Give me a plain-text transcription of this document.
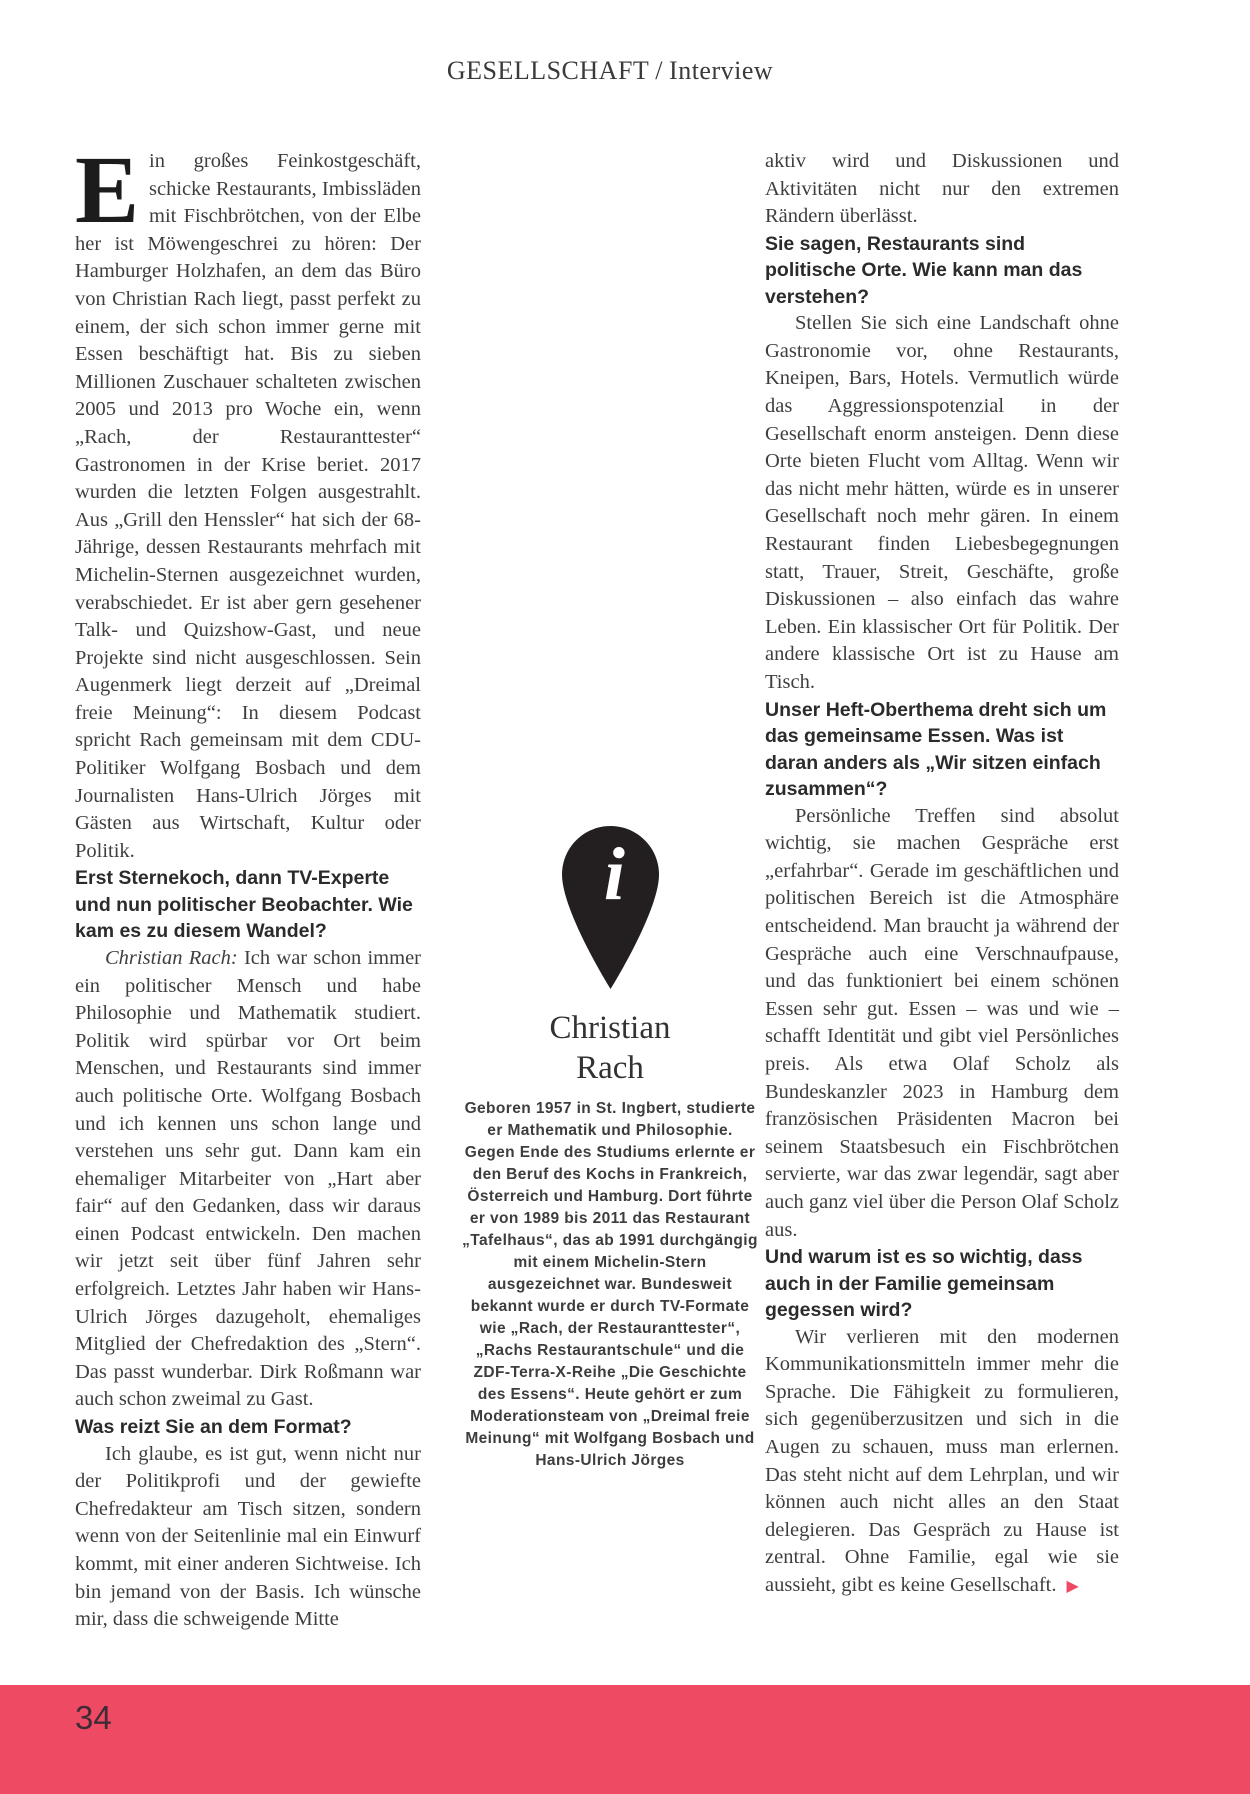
GESELLSCHAFT / Interview

Ein großes Feinkostgeschäft, schicke Restaurants, Imbissläden mit Fischbrötchen, von der Elbe her ist Möwengeschrei zu hören: Der Hamburger Holzhafen, an dem das Büro von Christian Rach liegt, passt perfekt zu einem, der sich schon immer gerne mit Essen beschäftigt hat. Bis zu sieben Millionen Zuschauer schalteten zwischen 2005 und 2013 pro Woche ein, wenn „Rach, der Restauranttester“ Gastronomen in der Krise beriet. 2017 wurden die letzten Folgen ausgestrahlt. Aus „Grill den Henssler“ hat sich der 68-Jährige, dessen Restaurants mehrfach mit Michelin-Sternen ausgezeichnet wurden, verabschiedet. Er ist aber gern gesehener Talk- und Quizshow-Gast, und neue Projekte sind nicht ausgeschlossen. Sein Augenmerk liegt derzeit auf „Dreimal freie Meinung“: In diesem Podcast spricht Rach gemeinsam mit dem CDU-Politiker Wolfgang Bosbach und dem Journalisten Hans-Ulrich Jörges mit Gästen aus Wirtschaft, Kultur oder Politik.

Erst Sternekoch, dann TV-Experte und nun politischer Beobachter. Wie kam es zu diesem Wandel?

Christian Rach: Ich war schon immer ein politischer Mensch und habe Philosophie und Mathematik studiert. Politik wird spürbar vor Ort beim Menschen, und Restaurants sind immer auch politische Orte. Wolfgang Bosbach und ich kennen uns schon lange und verstehen uns sehr gut. Dann kam ein ehemaliger Mitarbeiter von „Hart aber fair“ auf den Gedanken, dass wir daraus einen Podcast entwickeln. Den machen wir jetzt seit über fünf Jahren sehr erfolgreich. Letztes Jahr haben wir Hans-Ulrich Jörges dazugeholt, ehemaliges Mitglied der Chefredaktion des „Stern“. Das passt wunderbar. Dirk Roßmann war auch schon zweimal zu Gast.

Was reizt Sie an dem Format?

Ich glaube, es ist gut, wenn nicht nur der Politikprofi und der gewiefte Chefredakteur am Tisch sitzen, sondern wenn von der Seitenlinie mal ein Einwurf kommt, mit einer anderen Sichtweise. Ich bin jemand von der Basis. Ich wünsche mir, dass die schweigende Mitte

i

Christian
Rach

Geboren 1957 in St. Ingbert, studierte er Mathematik und Philosophie. Gegen Ende des Studiums erlernte er den Beruf des Kochs in Frankreich, Österreich und Hamburg. Dort führte er von 1989 bis 2011 das Restaurant „Tafelhaus“, das ab 1991 durchgängig mit einem Michelin-Stern ausgezeichnet war. Bundesweit bekannt wurde er durch TV-Formate wie „Rach, der Restauranttester“, „Rachs Restaurantschule“ und die ZDF-Terra-X-Reihe „Die Geschichte des Essens“. Heute gehört er zum Moderationsteam von „Dreimal freie Meinung“ mit Wolfgang Bosbach und Hans-Ulrich Jörges

aktiv wird und Diskussionen und Aktivitäten nicht nur den extremen Rändern überlässt.

Sie sagen, Restaurants sind politische Orte. Wie kann man das verstehen?

Stellen Sie sich eine Landschaft ohne Gastronomie vor, ohne Restaurants, Kneipen, Bars, Hotels. Vermutlich würde das Aggressionspotenzial in der Gesellschaft enorm ansteigen. Denn diese Orte bieten Flucht vom Alltag. Wenn wir das nicht mehr hätten, würde es in unserer Gesellschaft noch mehr gären. In einem Restaurant finden Liebesbegegnungen statt, Trauer, Streit, Geschäfte, große Diskussionen – also einfach das wahre Leben. Ein klassischer Ort für Politik. Der andere klassische Ort ist zu Hause am Tisch.

Unser Heft-Oberthema dreht sich um das gemeinsame Essen. Was ist daran anders als „Wir sitzen einfach zusammen“?

Persönliche Treffen sind absolut wichtig, sie machen Gespräche erst „erfahrbar“. Gerade im geschäftlichen und politischen Bereich ist die Atmosphäre entscheidend. Man braucht ja während der Gespräche auch eine Verschnaufpause, und das funktioniert bei einem schönen Essen sehr gut. Essen – was und wie – schafft Identität und gibt viel Persönliches preis. Als etwa Olaf Scholz als Bundeskanzler 2023 in Hamburg dem französischen Präsidenten Macron bei seinem Staatsbesuch ein Fischbrötchen servierte, war das zwar legendär, sagt aber auch ganz viel über die Person Olaf Scholz aus.

Und warum ist es so wichtig, dass auch in der Familie gemeinsam gegessen wird?

Wir verlieren mit den modernen Kommunikationsmitteln immer mehr die Sprache. Die Fähigkeit zu formulieren, sich gegenüberzusitzen und sich in die Augen zu schauen, muss man erlernen. Das steht nicht auf dem Lehrplan, und wir können auch nicht alles an den Staat delegieren. Das Gespräch zu Hause ist zentral. Ohne Familie, egal wie sie aussieht, gibt es keine Gesellschaft. ▶

34
